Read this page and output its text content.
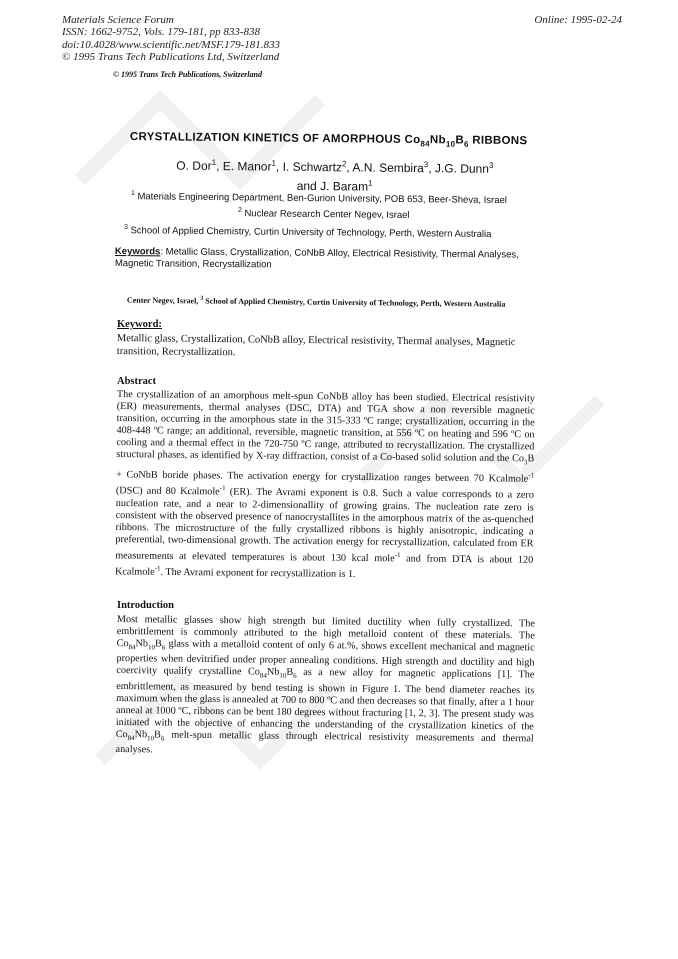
Materials Science Forum
ISSN: 1662-9752, Vols. 179-181, pp 833-838
doi:10.4028/www.scientific.net/MSF.179-181.833
© 1995 Trans Tech Publications Ltd, Switzerland
Online: 1995-02-24
© 1995 Trans Tech Publications, Switzerland
CRYSTALLIZATION KINETICS OF AMORPHOUS $Co_{84}Nb_{10}B_6$ RIBBONS
O. Dor$^1$, E. Manor$^1$, I. Schwartz$^2$, A.N. Sembira$^3$, J.G. Dunn$^3$
and J. Baram$^1$
$^1$ Materials Engineering Department, Ben-Gurion University, POB 653, Beer-Sheva, Israel
$^2$ Nuclear Research Center Negev, Israel
$^3$ School of Applied Chemistry, Curtin University of Technology, Perth, Western Australia
Keywords: Metallic Glass, Crystallization, CoNbB Alloy, Electrical Resistivity, Thermal Analyses, Magnetic Transition, Recrystallization
Center Negev, Israel, $^3$ School of Applied Chemistry, Curtin University of Technology, Perth, Western Australia
Keyword:
Metallic glass, Crystallization, CoNbB alloy, Electrical resistivity, Thermal analyses, Magnetic transition, Recrystallization.
Abstract
The crystallization of an amorphous melt-spun CoNbB alloy has been studied. Electrical resistivity (ER) measurements, thermal analyses (DSC, DTA) and TGA show a non reversible magnetic transition, occurring in the amorphous state in the 315-333 ºC range; crystallization, occurring in the 408-448 ºC range; an additional, reversible, magnetic transition, at 556 ºC on heating and 596 ºC on cooling and a thermal effect in the 720-750 ºC range, attributed to recrystallization. The crystallized structural phases, as identified by X-ray diffraction, consist of a Co-based solid solution and the $Co_3B$ + CoNbB boride phases. The activation energy for crystallization ranges between 70 Kcalmole$^{-1}$ (DSC) and 80 Kcalmole$^{-1}$ (ER). The Avrami exponent is 0.8. Such a value corresponds to a zero nucleation rate, and a near to 2-dimensionallity of growing grains. The nucleation rate zero is consistent with the observed presence of nanocrystallites in the amorphous matrix of the as-quenched ribbons. The microstructure of the fully crystallized ribbons is highly anisotropic, indicating a preferential, two-dimensional growth. The activation energy for recrystallization, calculated from ER measurements at elevated temperatures is about 130 kcal mole$^{-1}$ and from DTA is about 120 Kcalmole$^{-1}$. The Avrami exponent for recrystallization is 1.
Introduction
Most metallic glasses show high strength but limited ductility when fully crystallized. The embrittlement is commonly attributed to the high metalloid content of these materials. The $Co_{84}Nb_{10}B_6$ glass with a metalloid content of only 6 at.%, shows excellent mechanical and magnetic properties when devitrified under proper annealing conditions. High strength and ductility and high coercivity qualify crystalline $Co_{84}Nb_{10}B_6$ as a new alloy for magnetic applications [1]. The embrittlement, as measured by bend testing is shown in Figure 1. The bend diameter reaches its maximum when the glass is annealed at 700 to 800 ºC and then decreases so that finally, after a 1 hour anneal at 1000 ºC, ribbons can be bent 180 degrees without fracturing [1, 2, 3]. The present study was initiated with the objective of enhancing the understanding of the crystallization kinetics of the $Co_{84}Nb_{10}B_6$ melt-spun metallic glass through electrical resistivity measurements and thermal analyses.
